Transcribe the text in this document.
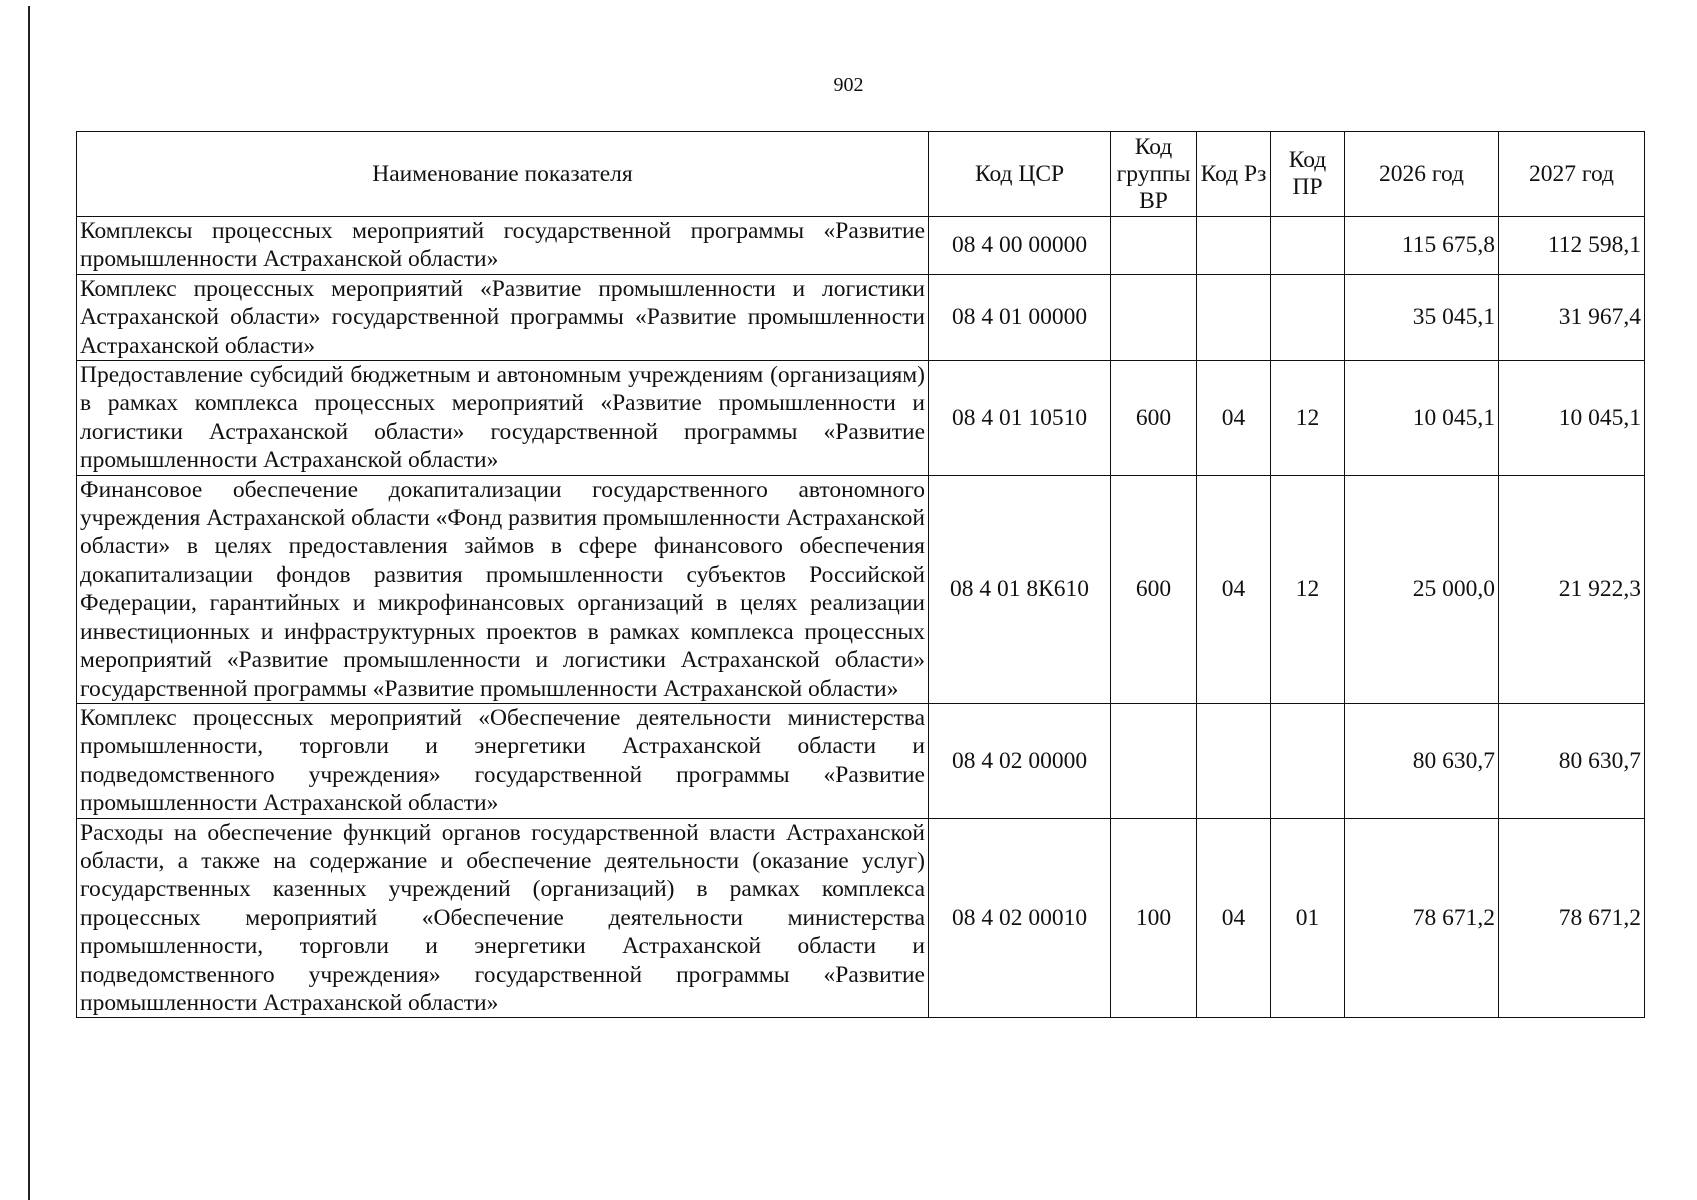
902
Наименование показателя	Код ЦСР	Код группы ВР	Код Рз	Код ПР	2026 год	2027 год
Комплексы процессных мероприятий государственной программы «Развитие промышленности Астраханской области»	08 4 00 00000				115 675,8	112 598,1
Комплекс процессных мероприятий «Развитие промышленности и логистики Астраханской области» государственной программы «Развитие промышленности Астраханской области»	08 4 01 00000				35 045,1	31 967,4
Предоставление субсидий бюджетным и автономным учреждениям (организациям) в рамках комплекса процессных мероприятий «Развитие промышленности и логистики Астраханской области» государственной программы «Развитие промышленности Астраханской области»	08 4 01 10510	600	04	12	10 045,1	10 045,1
Финансовое обеспечение докапитализации государственного автономного учреждения Астраханской области «Фонд развития промышленности Астраханской области» в целях предоставления займов в сфере финансового обеспечения докапитализации фондов развития промышленности субъектов Российской Федерации, гарантийных и микрофинансовых организаций в целях реализации инвестиционных и инфраструктурных проектов в рамках комплекса процессных мероприятий «Развитие промышленности и логистики Астраханской области» государственной программы «Развитие промышленности Астраханской области»	08 4 01 8К610	600	04	12	25 000,0	21 922,3
Комплекс процессных мероприятий «Обеспечение деятельности министерства промышленности, торговли и энергетики Астраханской области и подведомственного учреждения» государственной программы «Развитие промышленности Астраханской области»	08 4 02 00000				80 630,7	80 630,7
Расходы на обеспечение функций органов государственной власти Астраханской области, а также на содержание и обеспечение деятельности (оказание услуг) государственных казенных учреждений (организаций) в рамках комплекса процессных мероприятий «Обеспечение деятельности министерства промышленности, торговли и энергетики Астраханской области и подведомственного учреждения» государственной программы «Развитие промышленности Астраханской области»	08 4 02 00010	100	04	01	78 671,2	78 671,2
